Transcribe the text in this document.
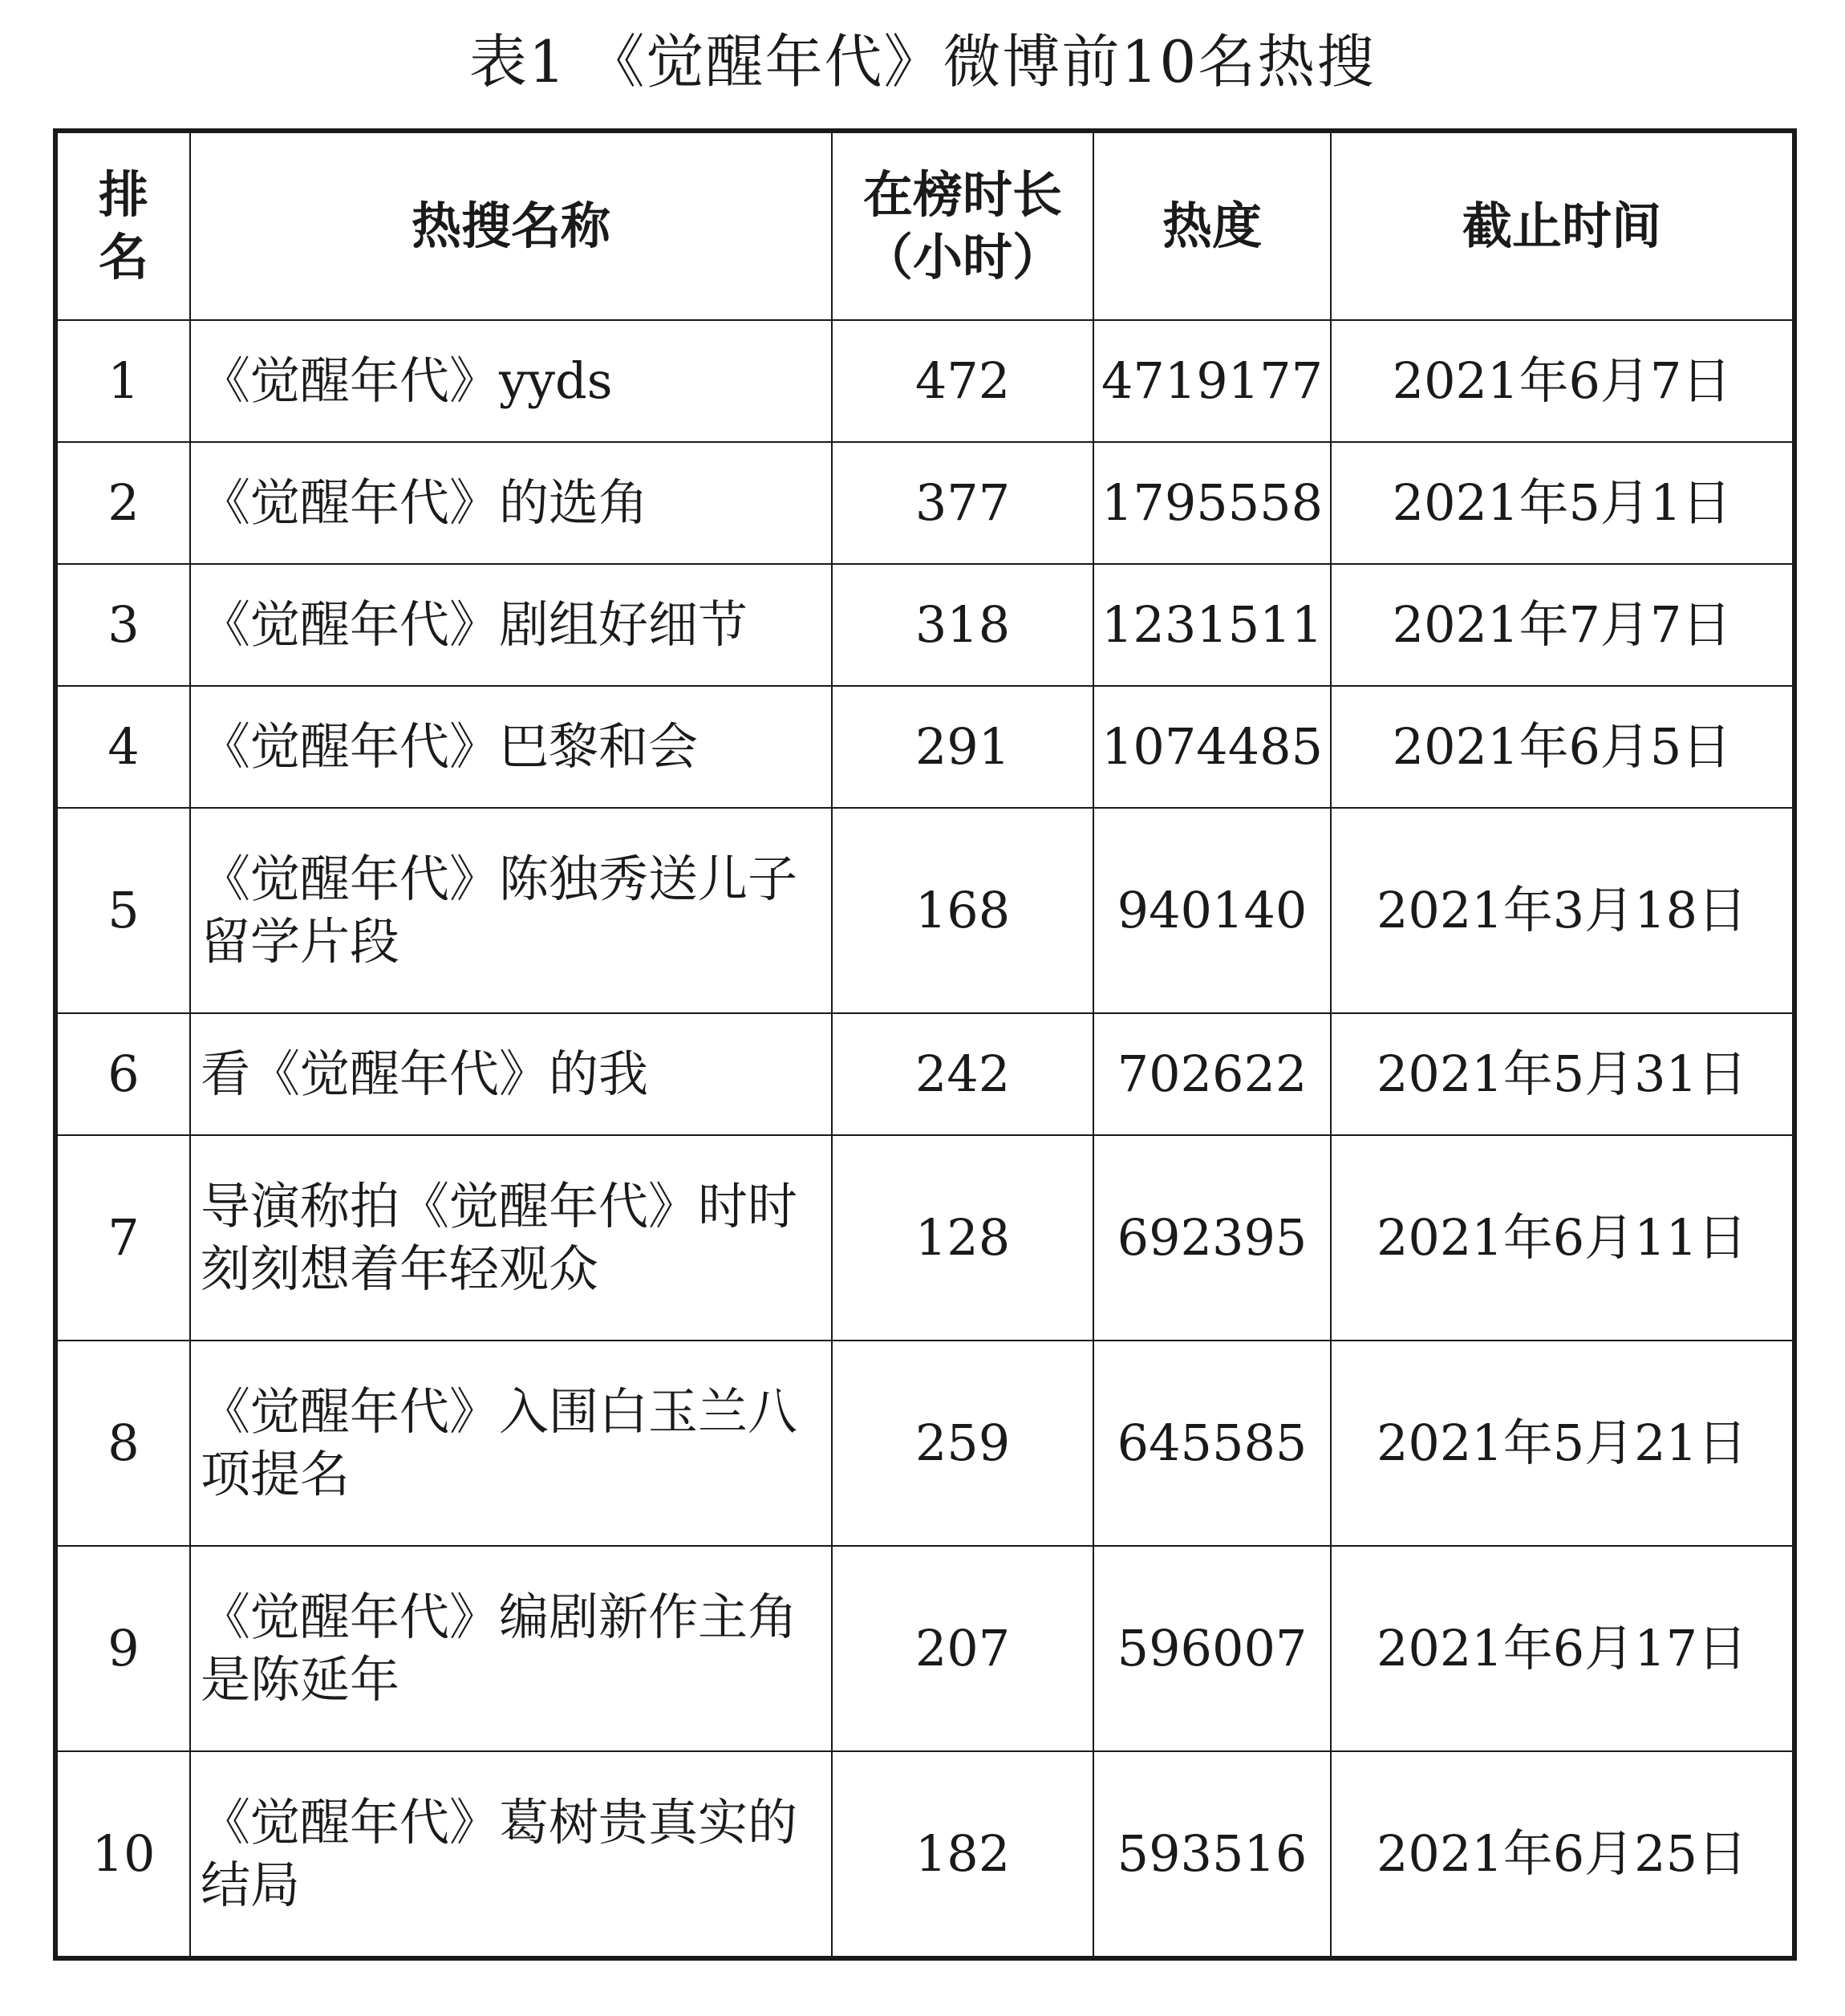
表1 《觉醒年代》微博前10名热搜
排名	热搜名称	在榜时长（小时）	热度	截止时间
1	《觉醒年代》yyds	472	4719177	2021年6月7日
2	《觉醒年代》的选角	377	1795558	2021年5月1日
3	《觉醒年代》剧组好细节	318	1231511	2021年7月7日
4	《觉醒年代》巴黎和会	291	1074485	2021年6月5日
5	《觉醒年代》陈独秀送儿子留学片段	168	940140	2021年3月18日
6	看《觉醒年代》的我	242	702622	2021年5月31日
7	导演称拍《觉醒年代》时时刻刻想着年轻观众	128	692395	2021年6月11日
8	《觉醒年代》入围白玉兰八项提名	259	645585	2021年5月21日
9	《觉醒年代》编剧新作主角是陈延年	207	596007	2021年6月17日
10	《觉醒年代》葛树贵真实的结局	182	593516	2021年6月25日
